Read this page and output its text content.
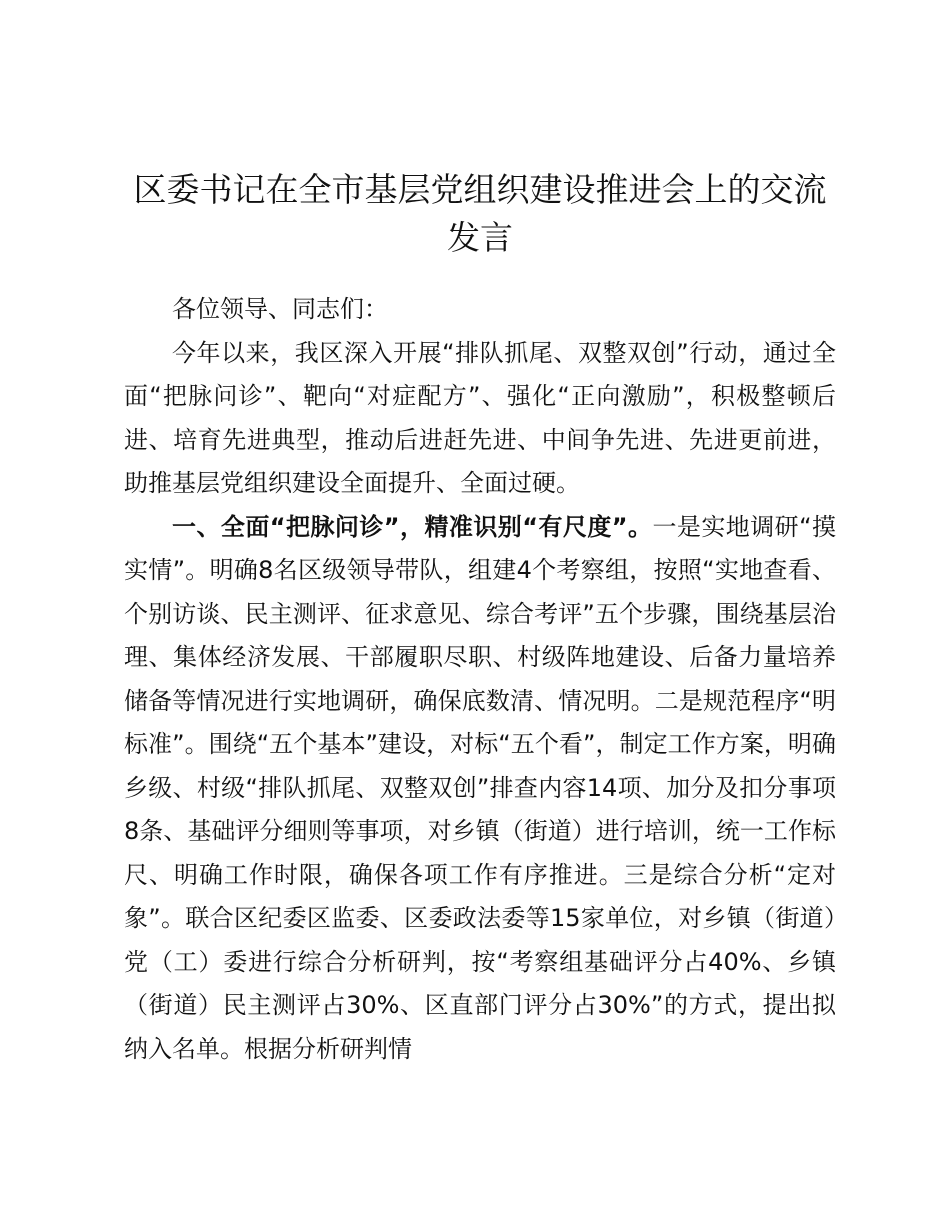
区委书记在全市基层党组织建设推进会上的交流发言

各位领导、同志们：

今年以来，我区深入开展“排队抓尾、双整双创”行动，通过全面“把脉问诊”、靶向“对症配方”、强化“正向激励”，积极整顿后进、培育先进典型，推动后进赶先进、中间争先进、先进更前进，助推基层党组织建设全面提升、全面过硬。

一、全面“把脉问诊”，精准识别“有尺度”。一是实地调研“摸实情”。明确8名区级领导带队，组建4个考察组，按照“实地查看、个别访谈、民主测评、征求意见、综合考评”五个步骤，围绕基层治理、集体经济发展、干部履职尽职、村级阵地建设、后备力量培养储备等情况进行实地调研，确保底数清、情况明。二是规范程序“明标准”。围绕“五个基本”建设，对标“五个看”，制定工作方案，明确乡级、村级“排队抓尾、双整双创”排查内容14项、加分及扣分事项8条、基础评分细则等事项，对乡镇（街道）进行培训，统一工作标尺、明确工作时限，确保各项工作有序推进。三是综合分析“定对象”。联合区纪委区监委、区委政法委等15家单位，对乡镇（街道）党（工）委进行综合分析研判，按“考察组基础评分占40%、乡镇（街道）民主测评占30%、区直部门评分占30%”的方式，提出拟纳入名单。根据分析研判情
